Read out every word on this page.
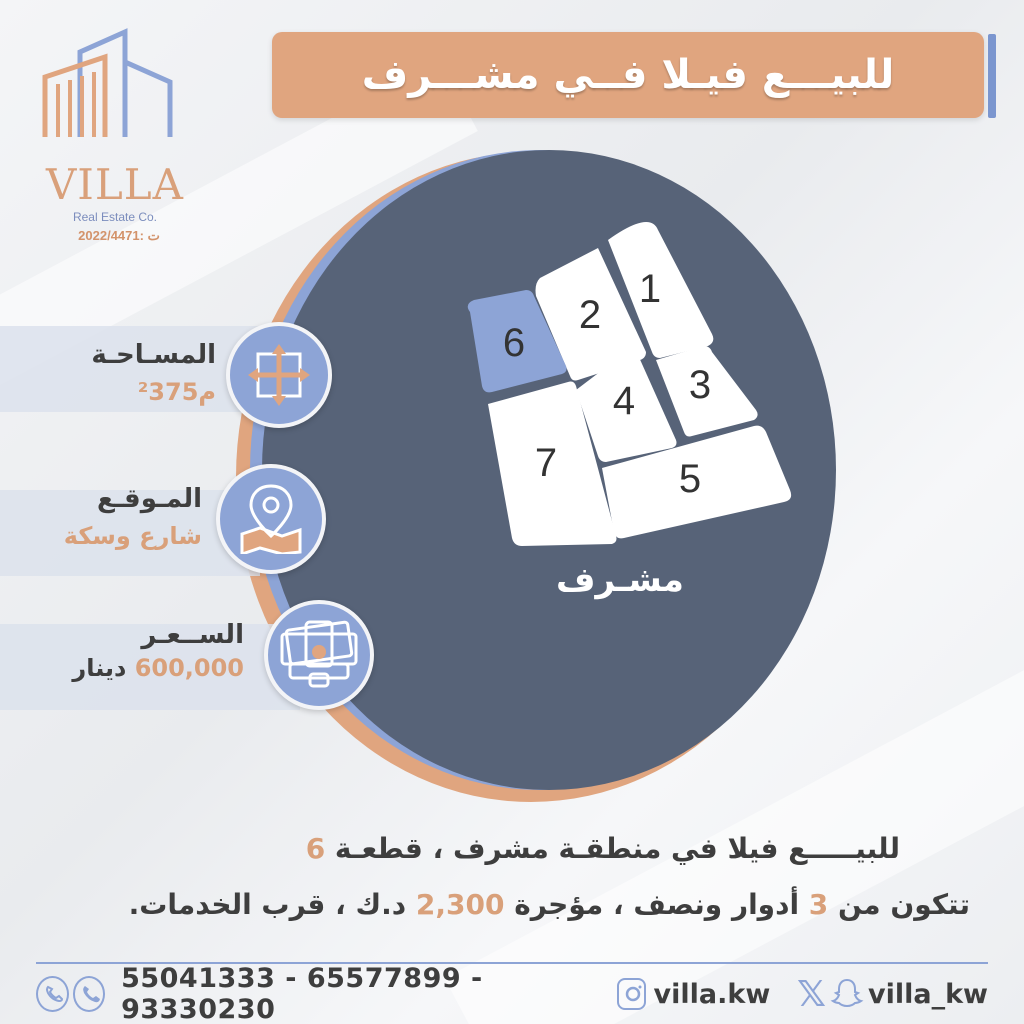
VILLA
Real Estate Co.
ت :2022/4471
للبيـــع فيـلا فــي مشـــرف
1
2
3
4
5
6
7
مشـرف
المسـاحـة
م²375
المـوقـع
شارع وسكة
الســعـر
600,000 دينار
للبيـــــع فيلا في منطقـة مشرف ، قطعـة 6
تتكون من 3 أدوار ونصف ، مؤجرة 2,300 د.ك ، قرب الخدمات.
55041333 - 65577899 - 93330230	villa.kw 𝕏 villa_kw
